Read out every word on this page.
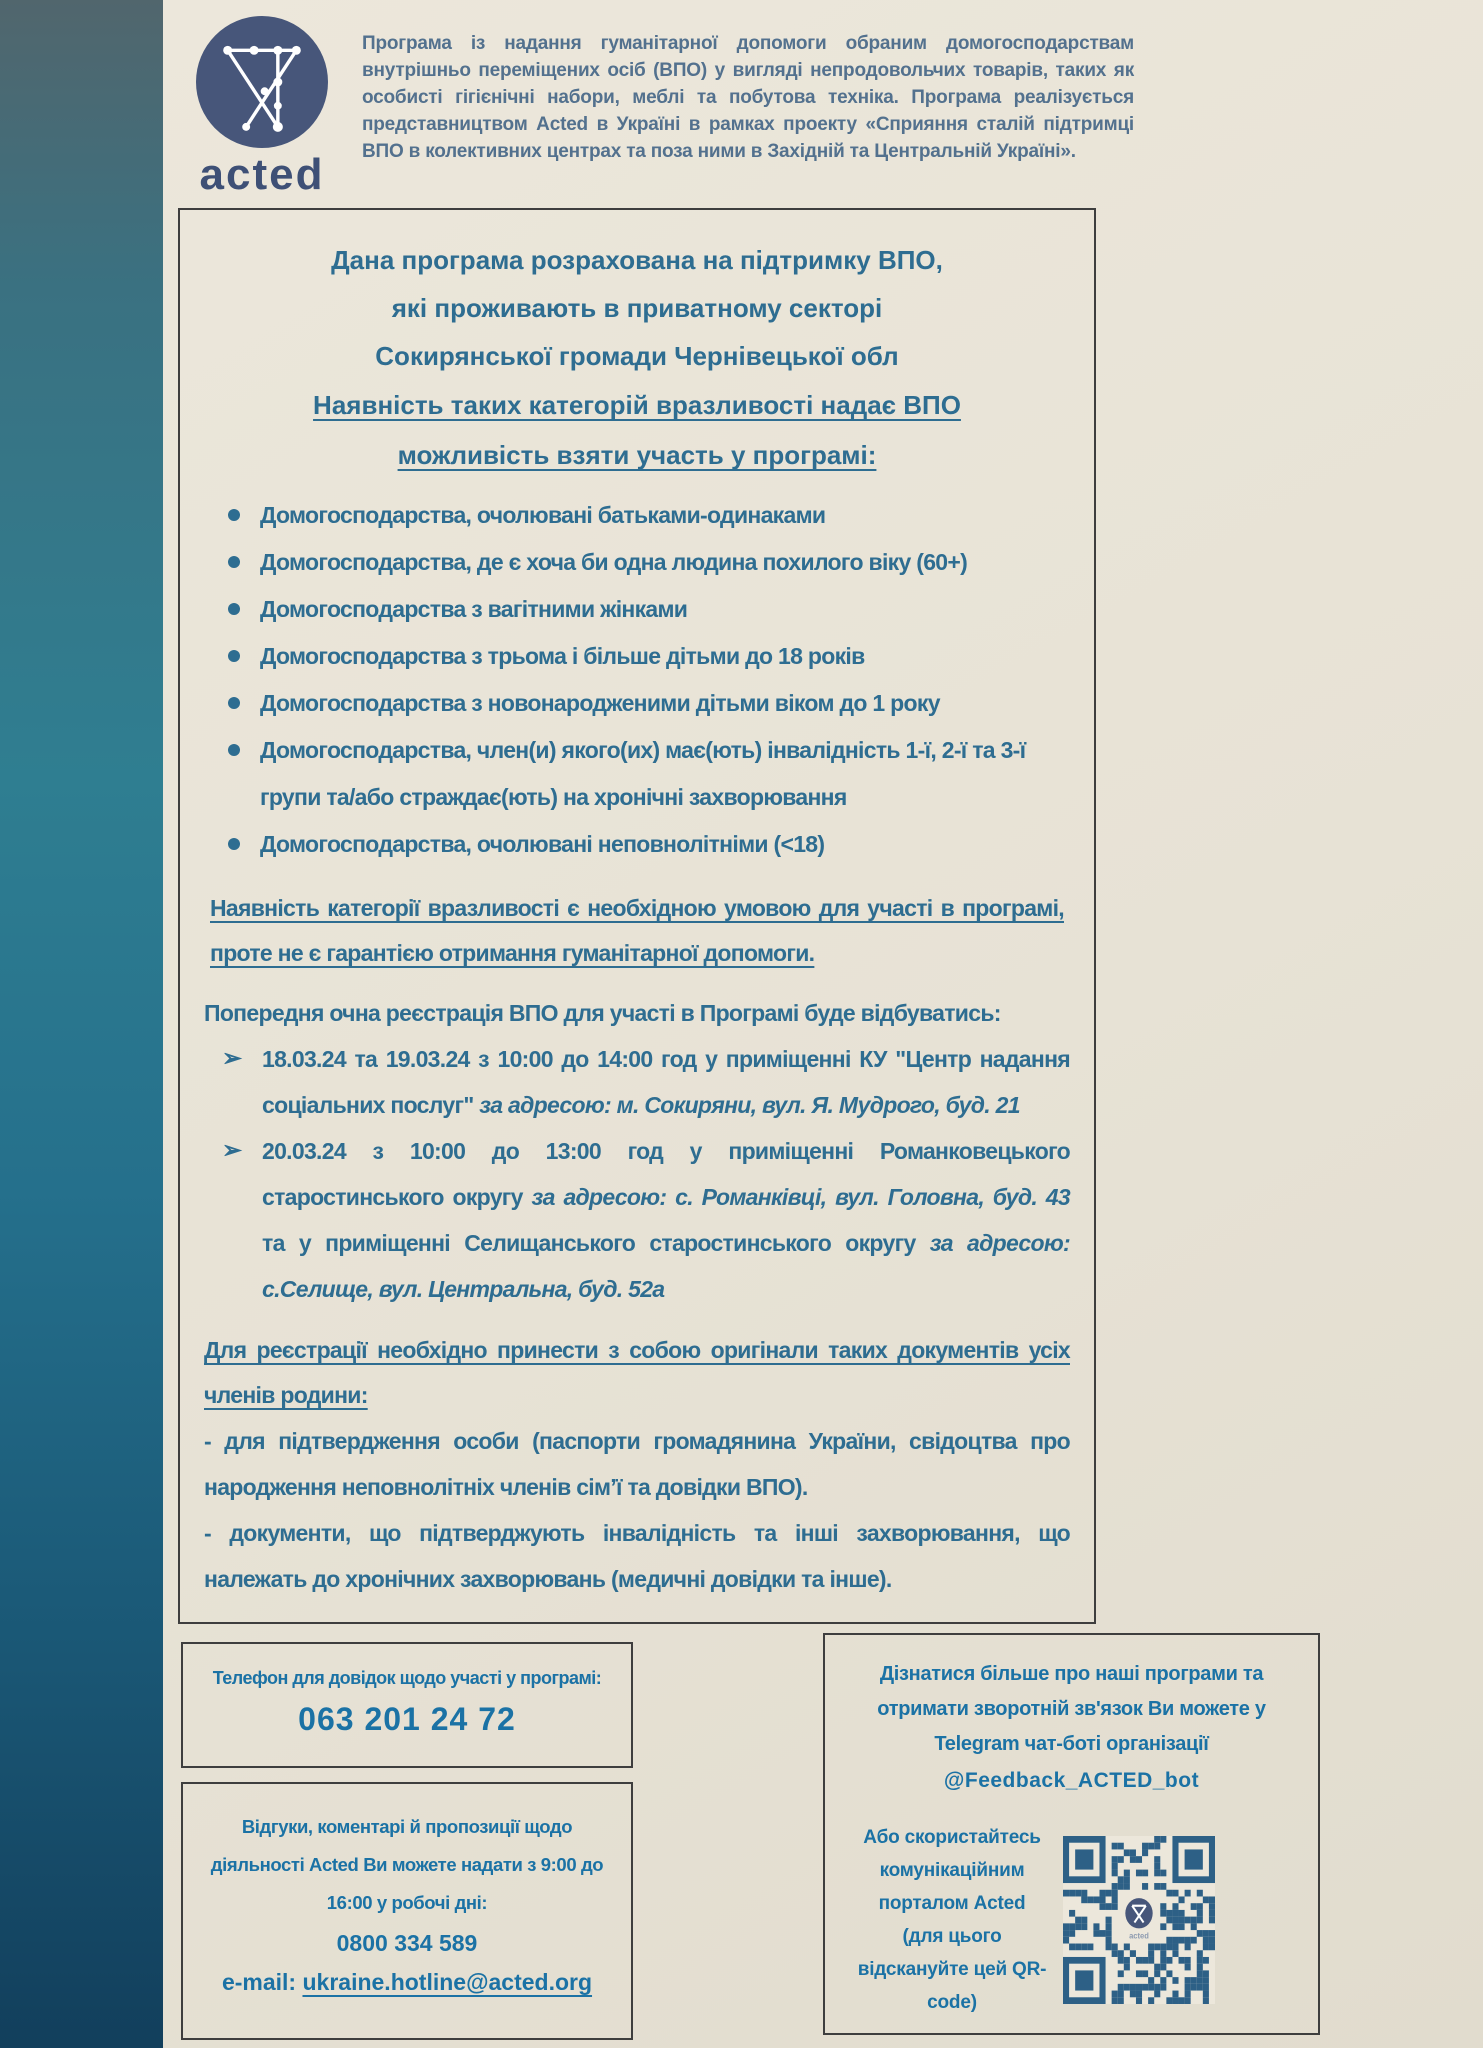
acted
Програма із надання гуманітарної допомоги обраним домогосподарствам внутрішньо переміщених осіб (ВПО) у вигляді непродовольчих товарів, таких як особисті гігієнічні набори, меблі та побутова техніка. Програма реалізується представництвом Acted в Україні в рамках проекту «Сприяння сталій підтримці ВПО в колективних центрах та поза ними в Західній та Центральній Україні».
Дана програма розрахована на підтримку ВПО,
які проживають в приватному секторі
Сокирянської громади Чернівецької обл
Наявність таких категорій вразливості надає ВПО
можливість взяти участь у програмі:
Домогосподарства, очолювані батьками-одинаками
Домогосподарства, де є хоча би одна людина похилого віку (60+)
Домогосподарства з вагітними жінками
Домогосподарства з трьома і більше дітьми до 18 років
Домогосподарства з новонародженими дітьми віком до 1 року
Домогосподарства, член(и) якого(их) має(ють) інвалідність 1-ї, 2-ї та 3-ї групи та/або страждає(ють) на хронічні захворювання
Домогосподарства, очолювані неповнолітніми (<18)
Наявність категорії вразливості є необхідною умовою для участі в програмі, проте не є гарантією отримання гуманітарної допомоги.
Попередня очна реєстрація ВПО для участі в Програмі буде відбуватись:
➢ 18.03.24 та 19.03.24 з 10:00 до 14:00 год у приміщенні КУ "Центр надання соціальних послуг" за адресою: м. Сокиряни, вул. Я. Мудрого, буд. 21
➢ 20.03.24 з 10:00 до 13:00 год у приміщенні Романковецького старостинського округу за адресою: с. Романківці, вул. Головна, буд. 43 та у приміщенні Селищанського старостинського округу за адресою: с.Селище, вул. Центральна, буд. 52а
Для реєстрації необхідно принести з собою оригінали таких документів усіх членів родини:
- для підтвердження особи (паспорти громадянина України, свідоцтва про народження неповнолітніх членів сім’ї та довідки ВПО).
- документи, що підтверджують інвалідність та інші захворювання, що належать до хронічних захворювань (медичні довідки та інше).
Телефон для довідок щодо участі у програмі:
063 201 24 72
Відгуки, коментарі й пропозиції щодо діяльності Acted Ви можете надати з 9:00 до 16:00 у робочі дні:
0800 334 589
e-mail: ukraine.hotline@acted.org
Дізнатися більше про наші програми та отримати зворотній зв'язок Ви можете у Telegram чат-боті організації
@Feedback_ACTED_bot
Або скористайтесь комунікаційним порталом Acted (для цього відскануйте цей QR-code)
acted
